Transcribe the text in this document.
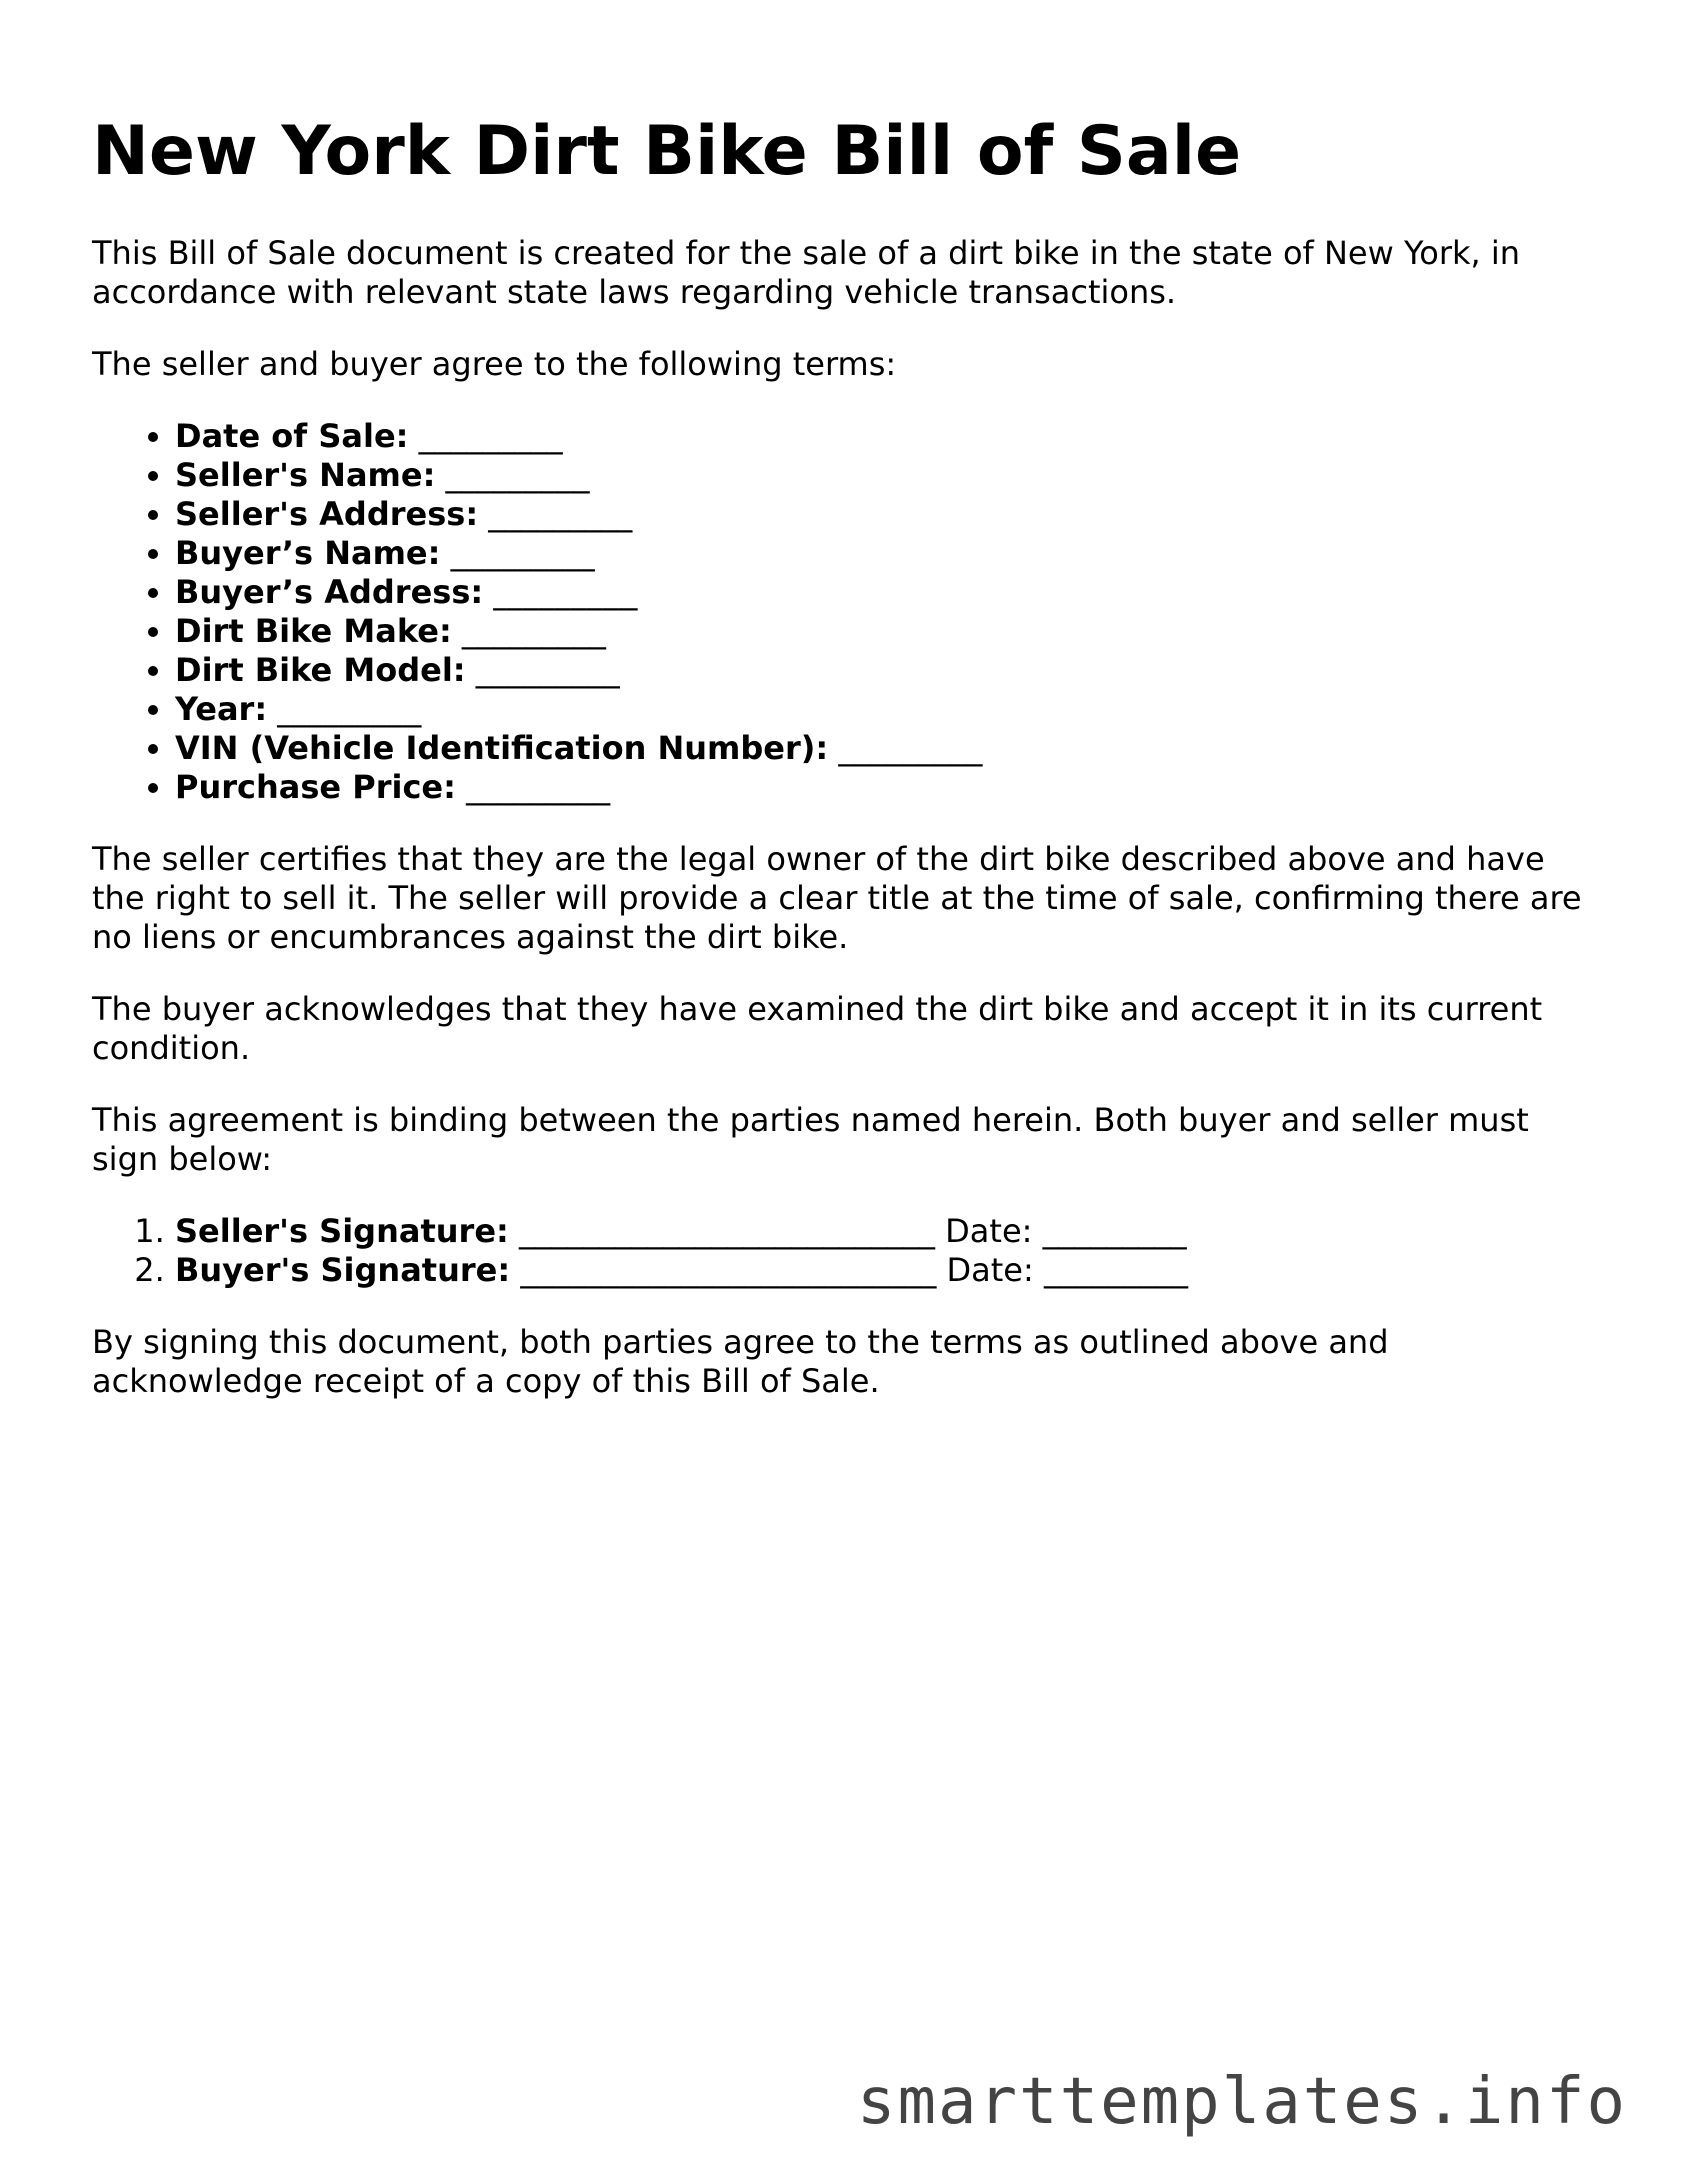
New York Dirt Bike Bill of Sale

This Bill of Sale document is created for the sale of a dirt bike in the state of New York, in accordance with relevant state laws regarding vehicle transactions.

The seller and buyer agree to the following terms:

• Date of Sale: _________
• Seller's Name: _________
• Seller's Address: _________
• Buyer’s Name: _________
• Buyer’s Address: _________
• Dirt Bike Make: _________
• Dirt Bike Model: _________
• Year: _________
• VIN (Vehicle Identification Number): _________
• Purchase Price: _________

The seller certifies that they are the legal owner of the dirt bike described above and have the right to sell it. The seller will provide a clear title at the time of sale, confirming there are no liens or encumbrances against the dirt bike.

The buyer acknowledges that they have examined the dirt bike and accept it in its current condition.

This agreement is binding between the parties named herein. Both buyer and seller must sign below:

1. Seller's Signature: __________________________ Date: _________
2. Buyer's Signature: __________________________ Date: _________

By signing this document, both parties agree to the terms as outlined above and acknowledge receipt of a copy of this Bill of Sale.

smarttemplates.info
